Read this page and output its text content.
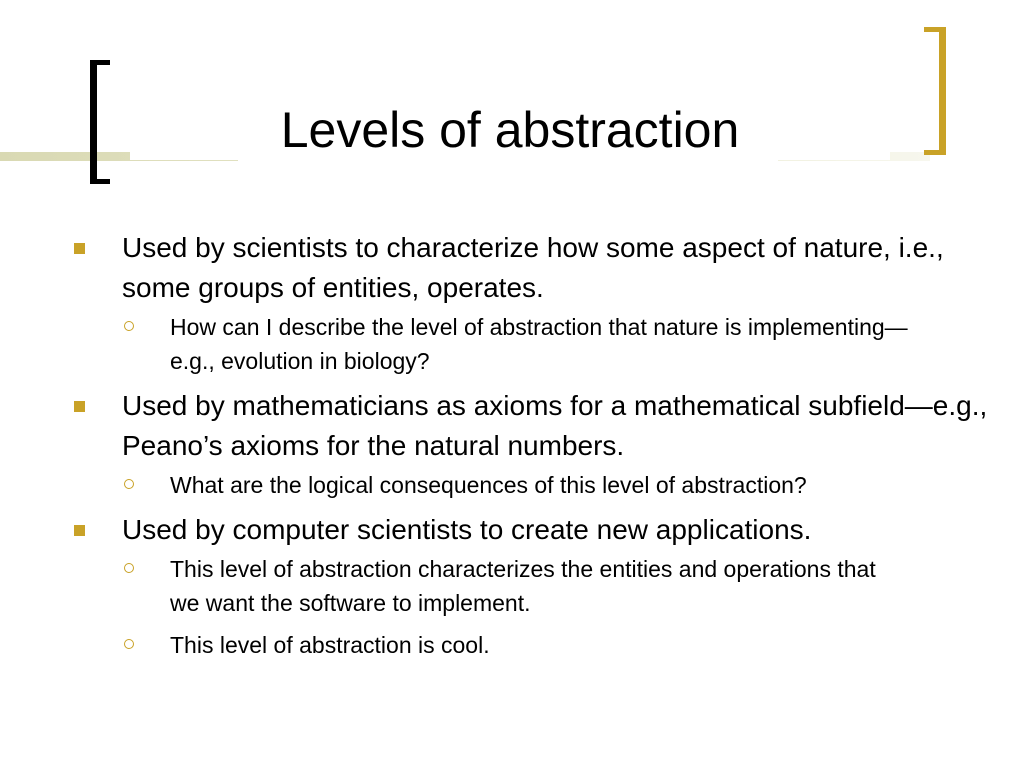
Levels of abstraction
Used by scientists to characterize how some aspect of nature, i.e., some groups of entities, operates.
How can I describe the level of abstraction that nature is implementing—e.g., evolution in biology?
Used by mathematicians as axioms for a mathematical subfield—e.g., Peano’s axioms for the natural numbers.
What are the logical consequences of this level of abstraction?
Used by computer scientists to create new applications.
This level of abstraction characterizes the entities and operations that we want the software to implement.
This level of abstraction is cool.
